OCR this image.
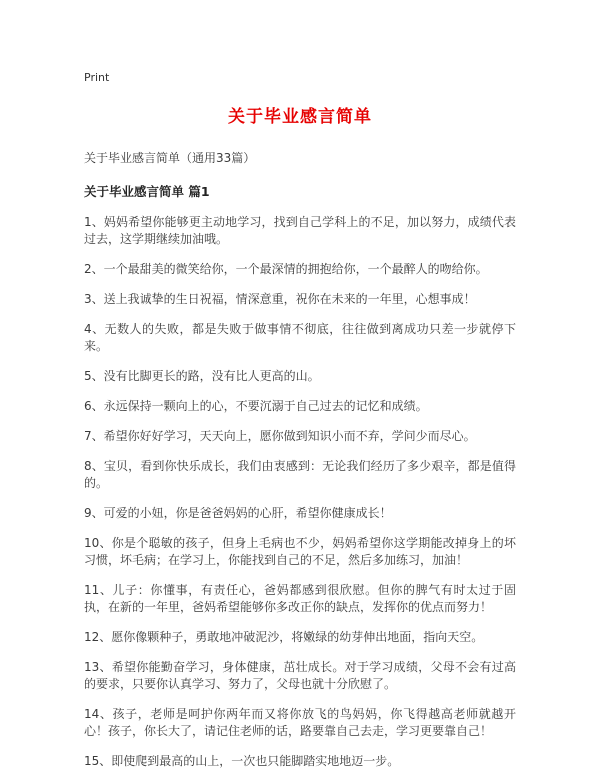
Print
关于毕业感言简单
关于毕业感言简单（通用33篇）
关于毕业感言简单 篇1

1、妈妈希望你能够更主动地学习，找到自己学科上的不足，加以努力，成绩代表过去，这学期继续加油哦。

2、一个最甜美的微笑给你，一个最深情的拥抱给你，一个最醉人的吻给你。

3、送上我诚挚的生日祝福，情深意重，祝你在未来的一年里，心想事成！

4、无数人的失败，都是失败于做事情不彻底，往往做到离成功只差一步就停下来。

5、没有比脚更长的路，没有比人更高的山。

6、永远保持一颗向上的心，不要沉溺于自己过去的记忆和成绩。

7、希望你好好学习，天天向上，愿你做到知识小而不弃，学问少而尽心。

8、宝贝，看到你快乐成长，我们由衷感到：无论我们经历了多少艰辛，都是值得的。

9、可爱的小妞，你是爸爸妈妈的心肝，希望你健康成长！

10、你是个聪敏的孩子，但身上毛病也不少，妈妈希望你这学期能改掉身上的坏习惯，坏毛病；在学习上，你能找到自己的不足，然后多加练习，加油！

11、儿子：你懂事，有责任心，爸妈都感到很欣慰。但你的脾气有时太过于固执，在新的一年里，爸妈希望能够你多改正你的缺点，发挥你的优点而努力！

12、愿你像颗种子，勇敢地冲破泥沙，将嫩绿的幼芽伸出地面，指向天空。

13、希望你能勤奋学习，身体健康，茁壮成长。对于学习成绩，父母不会有过高的要求，只要你认真学习、努力了，父母也就十分欣慰了。

14、孩子，老师是呵护你两年而又将你放飞的鸟妈妈，你飞得越高老师就越开心！孩子，你长大了，请记住老师的话，路要靠自己去走，学习更要靠自己！

15、即使爬到最高的山上，一次也只能脚踏实地地迈一步。
